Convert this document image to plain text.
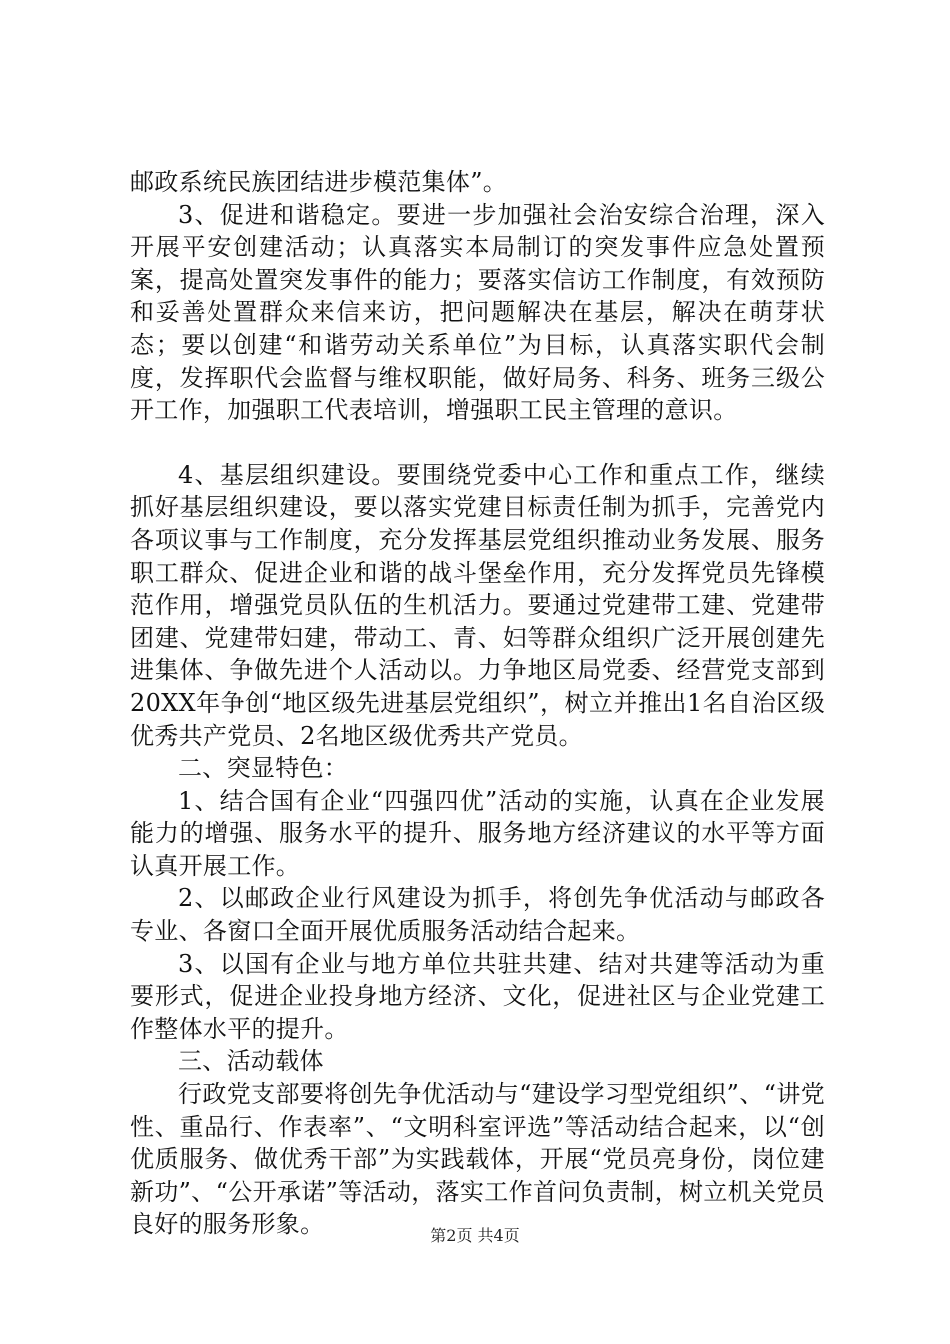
邮政系统民族团结进步模范集体”。

3、促进和谐稳定。要进一步加强社会治安综合治理，深入开展平安创建活动；认真落实本局制订的突发事件应急处置预案，提高处置突发事件的能力；要落实信访工作制度，有效预防和妥善处置群众来信来访，把问题解决在基层，解决在萌芽状态；要以创建“和谐劳动关系单位”为目标，认真落实职代会制度，发挥职代会监督与维权职能，做好局务、科务、班务三级公开工作，加强职工代表培训，增强职工民主管理的意识。

4、基层组织建设。要围绕党委中心工作和重点工作，继续抓好基层组织建设，要以落实党建目标责任制为抓手，完善党内各项议事与工作制度，充分发挥基层党组织推动业务发展、服务职工群众、促进企业和谐的战斗堡垒作用，充分发挥党员先锋模范作用，增强党员队伍的生机活力。要通过党建带工建、党建带团建、党建带妇建，带动工、青、妇等群众组织广泛开展创建先进集体、争做先进个人活动以。力争地区局党委、经营党支部到20XX年争创“地区级先进基层党组织”，树立并推出1名自治区级优秀共产党员、2名地区级优秀共产党员。

二、突显特色：

1、结合国有企业“四强四优”活动的实施，认真在企业发展能力的增强、服务水平的提升、服务地方经济建议的水平等方面认真开展工作。

2、以邮政企业行风建设为抓手，将创先争优活动与邮政各专业、各窗口全面开展优质服务活动结合起来。

3、以国有企业与地方单位共驻共建、结对共建等活动为重要形式，促进企业投身地方经济、文化，促进社区与企业党建工作整体水平的提升。

三、活动载体

行政党支部要将创先争优活动与“建设学习型党组织”、“讲党性、重品行、作表率”、“文明科室评选”等活动结合起来，以“创优质服务、做优秀干部”为实践载体，开展“党员亮身份，岗位建新功”、“公开承诺”等活动，落实工作首问负责制，树立机关党员良好的服务形象。	第2页 共4页
